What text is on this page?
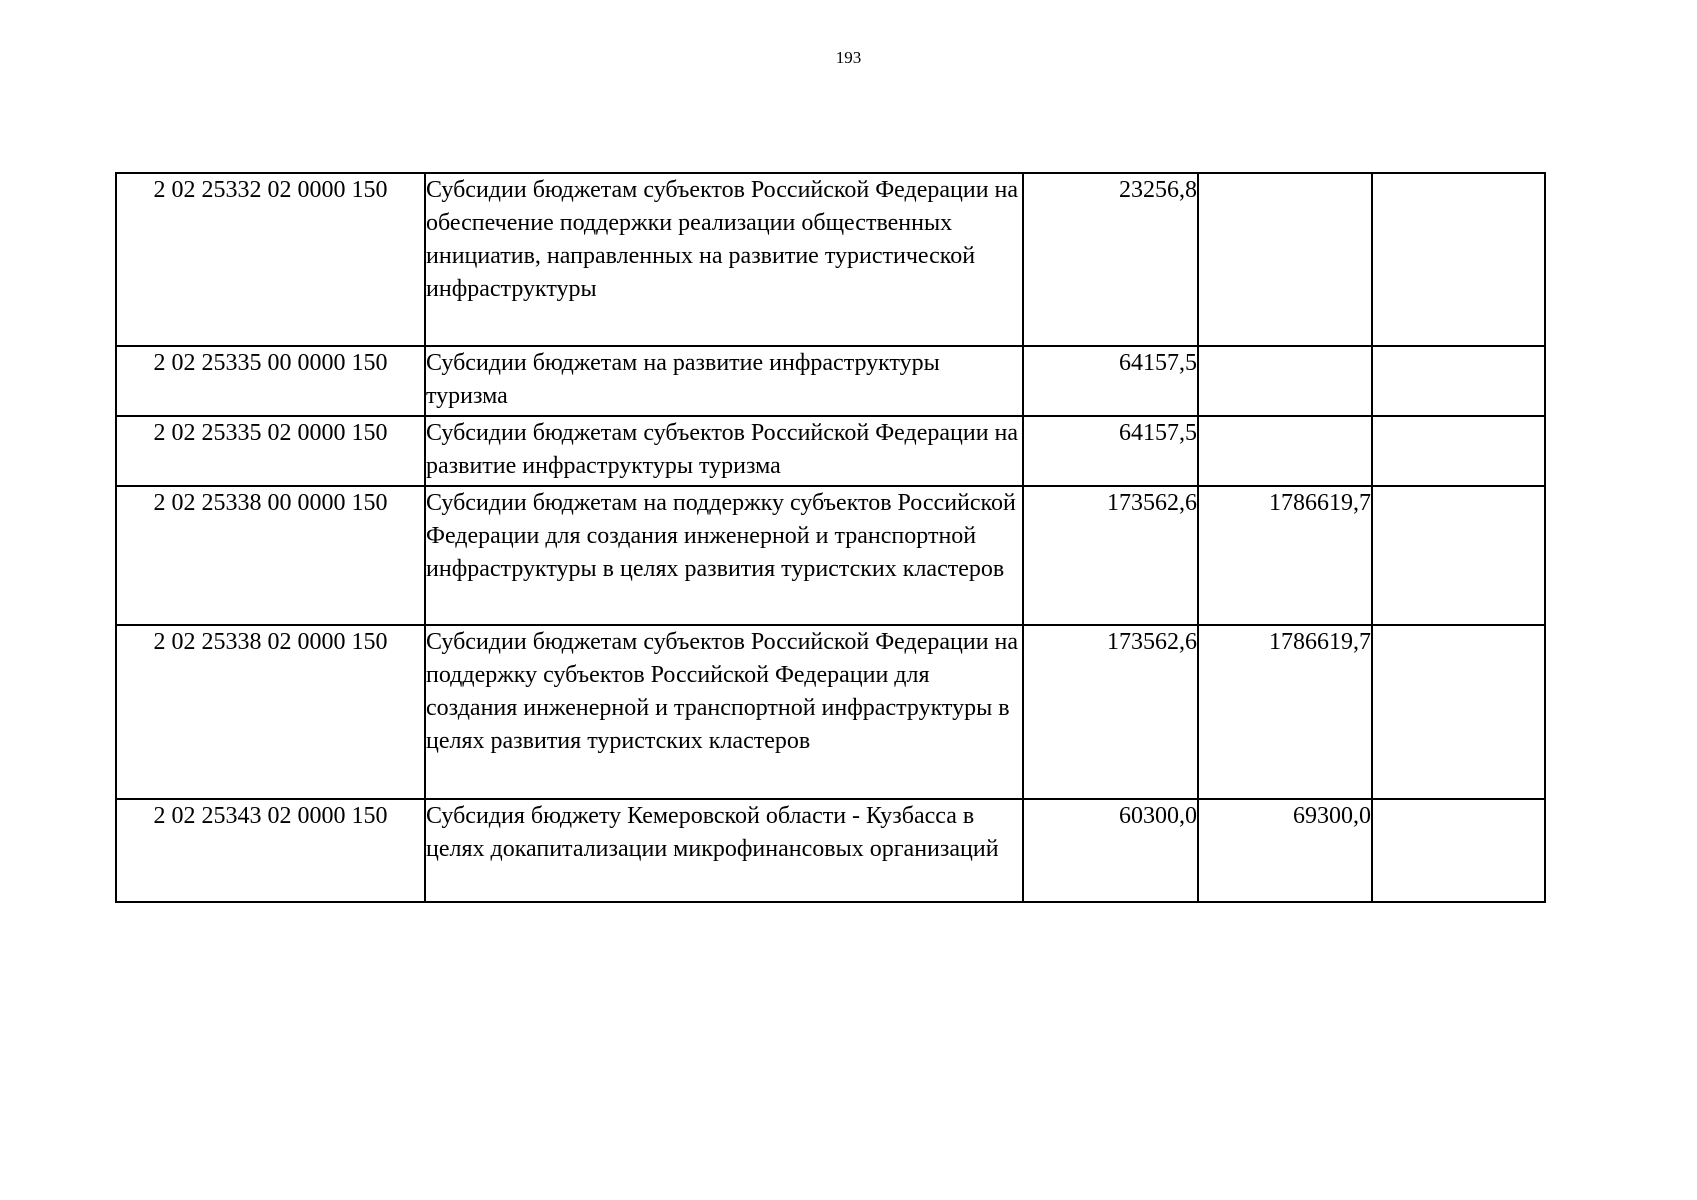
193
2 02 25332 02 0000 150	Субсидии бюджетам субъектов Российской Федерации на обеспечение поддержки реализации общественных инициатив, направленных на развитие туристической инфраструктуры	23256,8		
2 02 25335 00 0000 150	Субсидии бюджетам на развитие инфраструктуры туризма	64157,5		
2 02 25335 02 0000 150	Субсидии бюджетам субъектов Российской Федерации на развитие инфраструктуры туризма	64157,5		
2 02 25338 00 0000 150	Субсидии бюджетам на поддержку субъектов Российской Федерации для создания инженерной и транспортной инфраструктуры в целях развития туристских кластеров	173562,6	1786619,7	
2 02 25338 02 0000 150	Субсидии бюджетам субъектов Российской Федерации на поддержку субъектов Российской Федерации для создания инженерной и транспортной инфраструктуры в целях развития туристских кластеров	173562,6	1786619,7	
2 02 25343 02 0000 150	Субсидия бюджету Кемеровской области - Кузбасса в целях докапитализации микрофинансовых организаций	60300,0	69300,0	
